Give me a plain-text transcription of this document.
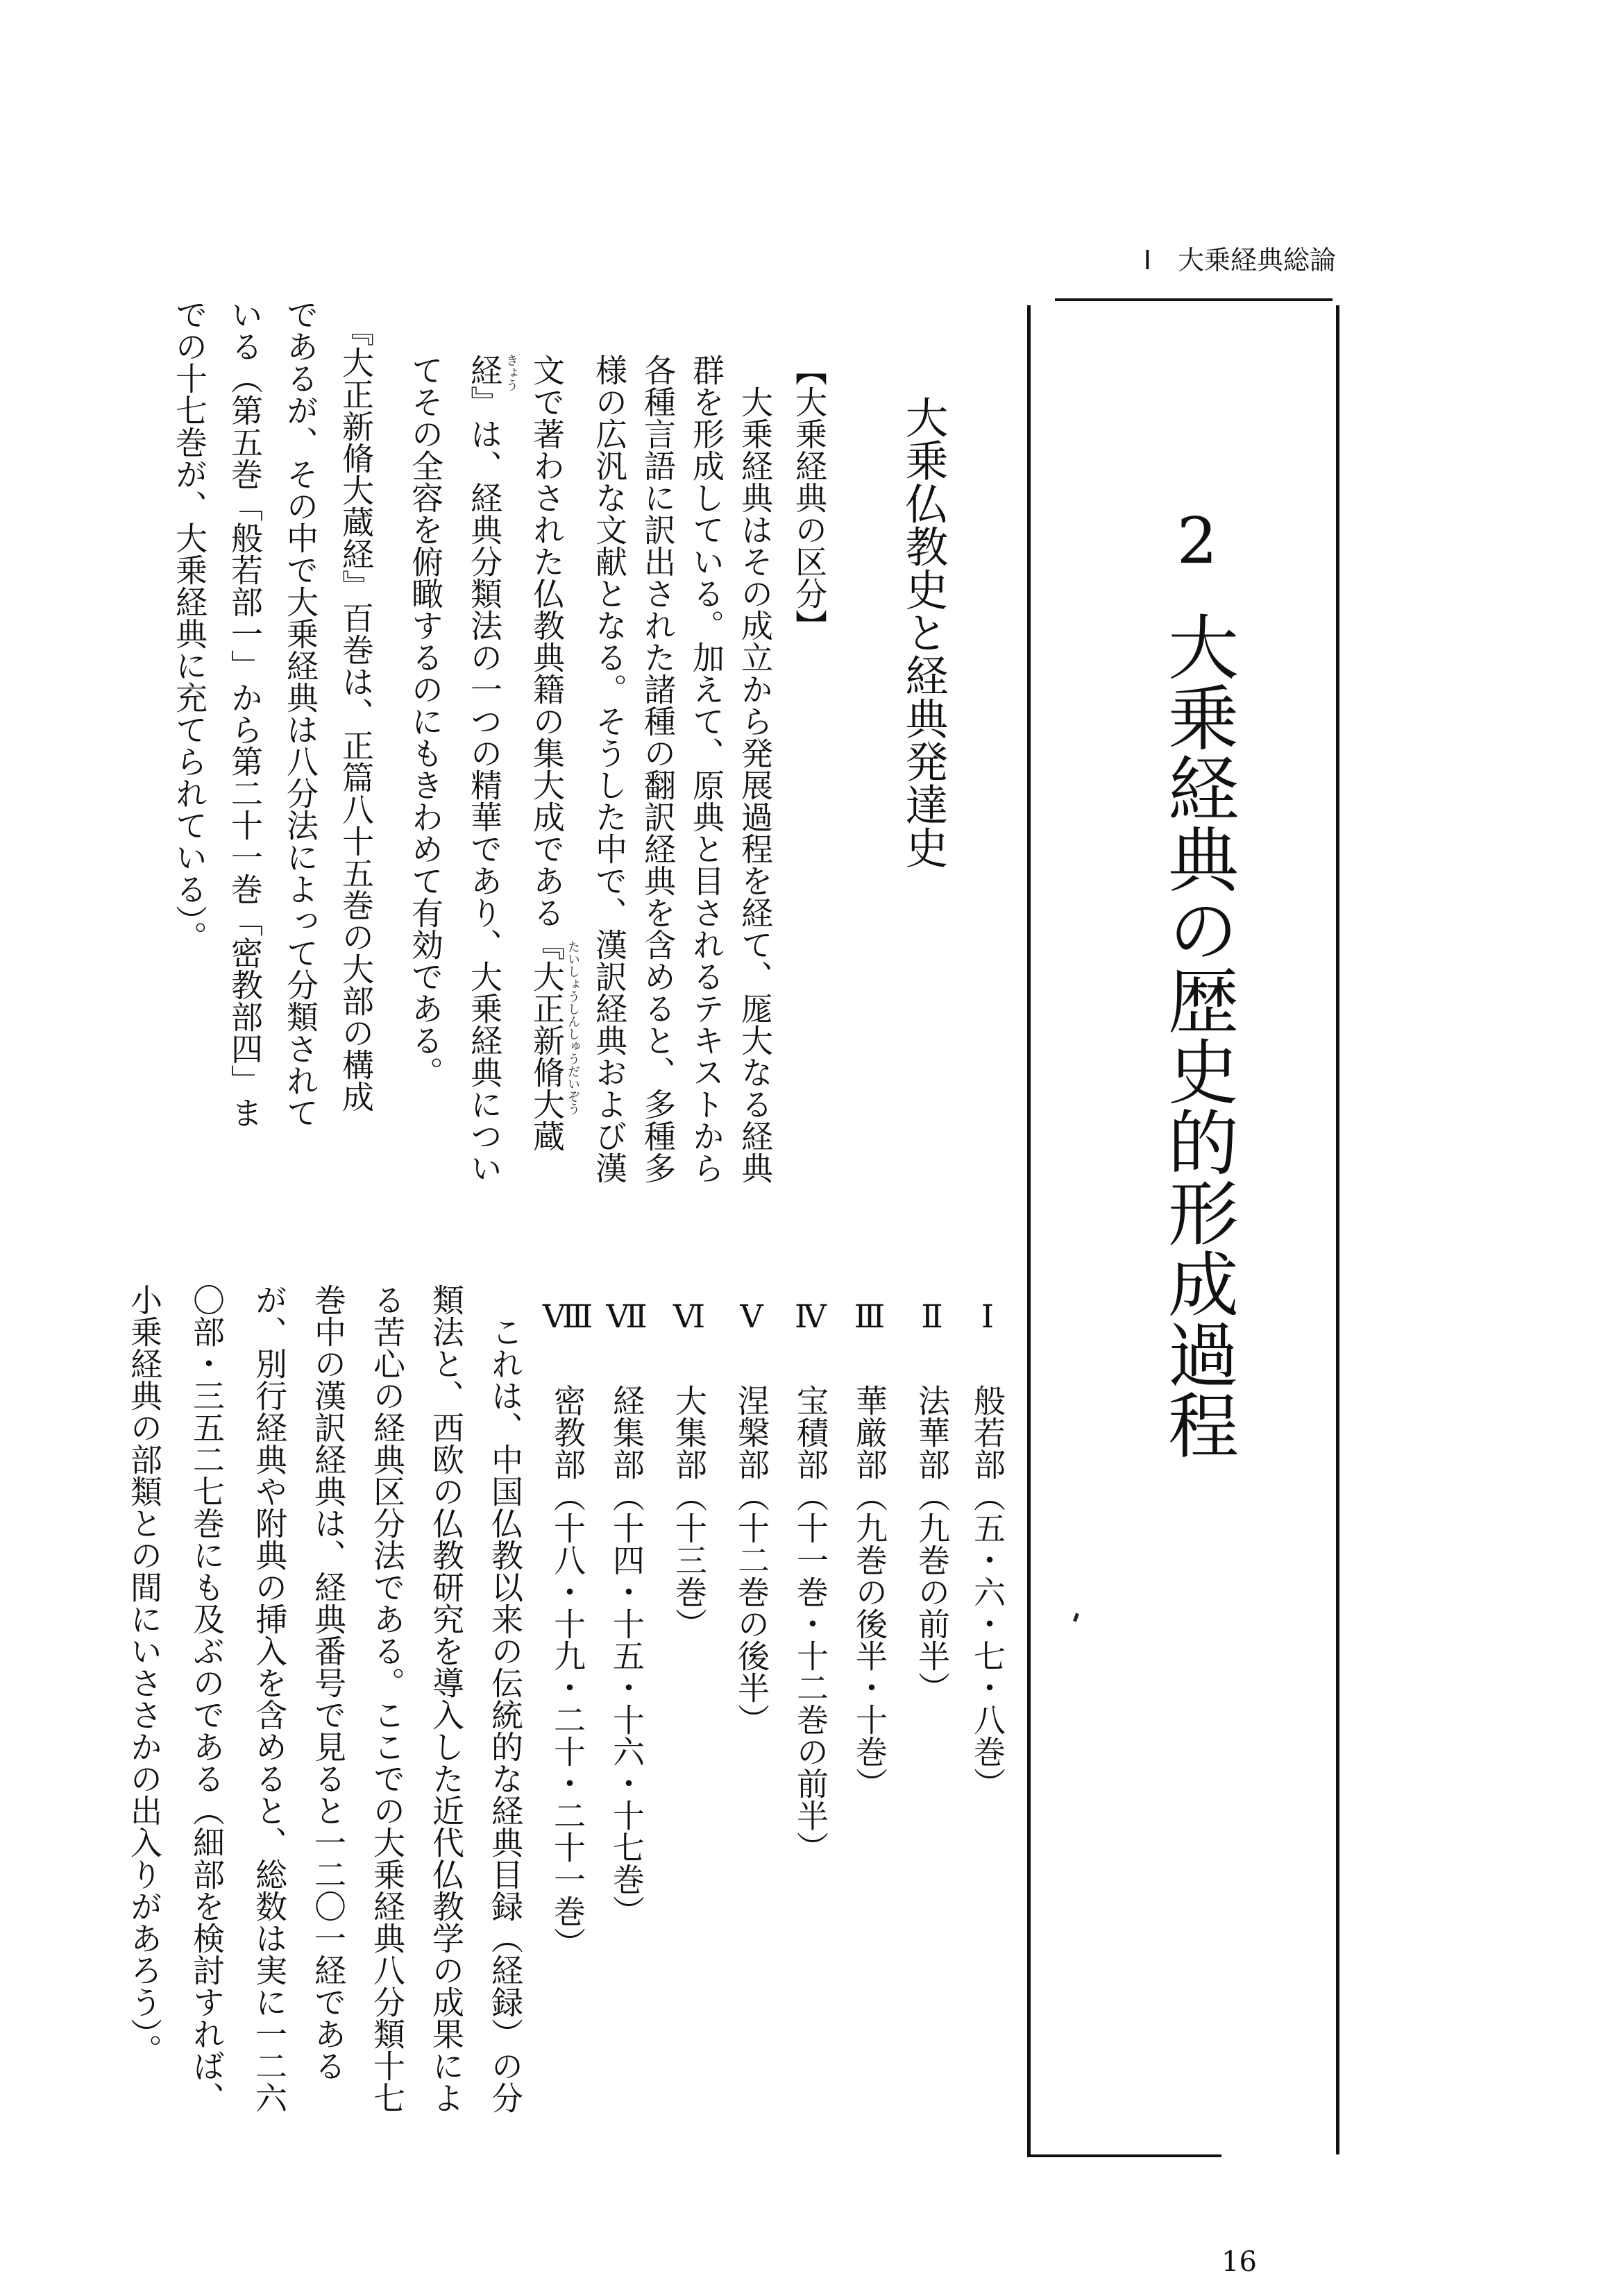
I　大乗経典総論
2
大乗経典の歴史的形成過程
大乗仏教史と経典発達史
【大乗経典の区分】
　大乗経典はその成立から発展過程を経て、厖大なる経典
群を形成している。加えて、原典と目されるテキストから
各種言語に訳出された諸種の翻訳経典を含めると、多種多
様の広汎な文献となる。そうした中で、漢訳経典および漢
文で著わされた仏教典籍の集大成である『大正新脩大蔵 たいしょうしんしゅうだいぞう
経』は、経典分類法の一つの精華であり、大乗経典につい きょう
てその全容を俯瞰するのにもきわめて有効である。
　『大正新脩大蔵経』百巻は、正篇八十五巻の大部の構成
であるが、その中で大乗経典は八分法によって分類されて
いる（第五巻「般若部一」から第二十一巻「密教部四」ま
での十七巻が、大乗経典に充てられている）。
Ⅰ
般若部（五・六・七・八巻）
Ⅱ
法華部（九巻の前半）
Ⅲ
華厳部（九巻の後半・十巻）
Ⅳ
宝積部（十一巻・十二巻の前半）
Ⅴ
涅槃部（十二巻の後半）
Ⅵ
大集部（十三巻）
Ⅶ
経集部（十四・十五・十六・十七巻）
Ⅷ
密教部（十八・十九・二十・二十一巻）
　これは、中国仏教以来の伝統的な経典目録（経録）の分
類法と、西欧の仏教研究を導入した近代仏教学の成果によ
る苦心の経典区分法である。ここでの大乗経典八分類十七
巻中の漢訳経典は、経典番号で見ると一二〇一経である
が、別行経典や附典の挿入を含めると、総数は実に一二六
〇部・三五二七巻にも及ぶのである（細部を検討すれば、
小乗経典の部類との間にいささかの出入りがあろう）。
16
